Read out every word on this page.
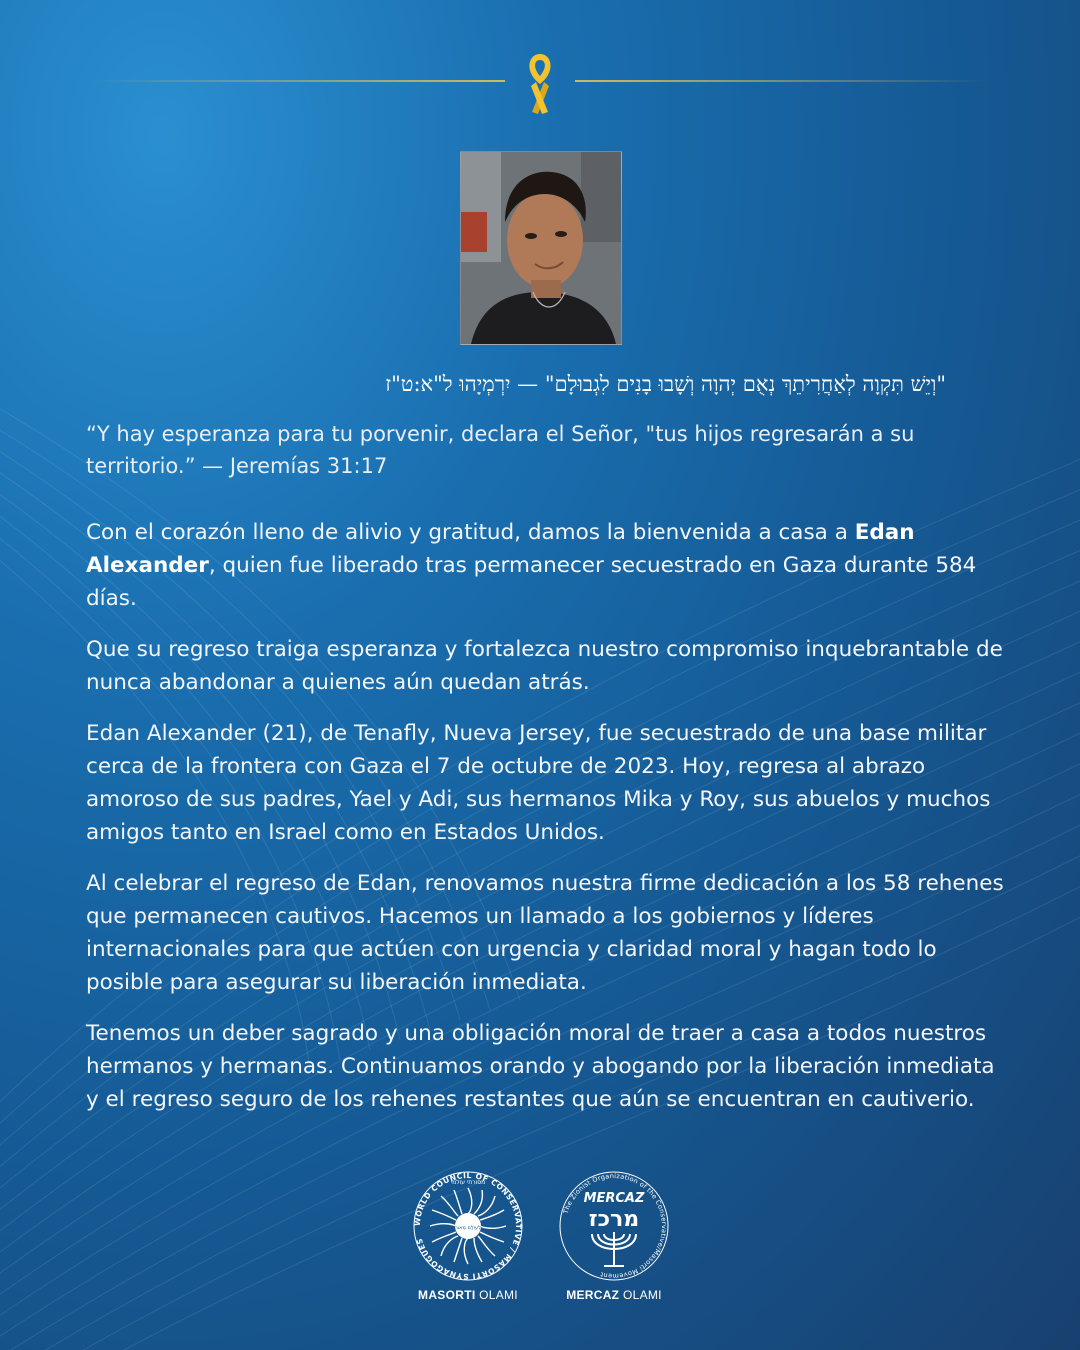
"וְיֵשׁ תִּקְוָה לְאַחֲרִיתֵךְ נְאֻם יְהוָה וְשָׁבוּ בָנִים לִגְבוּלָם" — יִרְמְיָהוּ ל"א:ט"ז
“Y hay esperanza para tu porvenir, declara el Señor, "tus hijos regresarán a su territorio.” — Jeremías 31:17

Con el corazón lleno de alivio y gratitud, damos la bienvenida a casa a Edan Alexander, quien fue liberado tras permanecer secuestrado en Gaza durante 584 días.

Que su regreso traiga esperanza y fortalezca nuestro compromiso inquebrantable de nunca abandonar a quienes aún quedan atrás.

Edan Alexander (21), de Tenafly, Nueva Jersey, fue secuestrado de una base militar cerca de la frontera con Gaza el 7 de octubre de 2023. Hoy, regresa al abrazo amoroso de sus padres, Yael y Adi, sus hermanos Mika y Roy, sus abuelos y muchos amigos tanto en Israel como en Estados Unidos.

Al celebrar el regreso de Edan, renovamos nuestra firme dedicación a los 58 rehenes que permanecen cautivos. Hacemos un llamado a los gobiernos y líderes internacionales para que actúen con urgencia y claridad moral y hagan todo lo posible para asegurar su liberación inmediata.

Tenemos un deber sagrado y una obligación moral de traer a casa a todos nuestros hermanos y hermanas. Continuamos orando y abogando por la liberación inmediata y el regreso seguro de los rehenes restantes que aún se encuentran en cautiverio.

WORLD COUNCIL OF CONSERVATIVE / MASORTI SYNAGOGUES
לְעוֹלָם מְאוֹר
מסורתי עולמי
MASORTI OLAMI
The Zionist Organization of the Conservative/Masorti Movement
MERCAZ
מרכז
MERCAZ OLAMI
